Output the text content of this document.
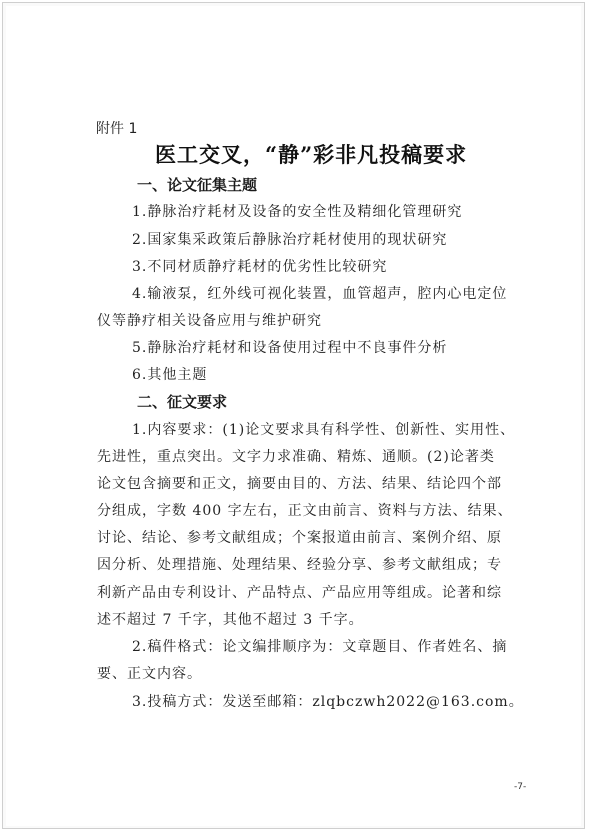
附件 1
医工交叉，“静”彩非凡投稿要求
一、论文征集主题
1.静脉治疗耗材及设备的安全性及精细化管理研究
2.国家集采政策后静脉治疗耗材使用的现状研究
3.不同材质静疗耗材的优劣性比较研究
4.输液泵，红外线可视化装置，血管超声，腔内心电定位
仪等静疗相关设备应用与维护研究
5.静脉治疗耗材和设备使用过程中不良事件分析
6.其他主题
二、征文要求
1.内容要求：(1)论文要求具有科学性、创新性、实用性、
先进性，重点突出。文字力求准确、精炼、通顺。(2)论著类
论文包含摘要和正文，摘要由目的、方法、结果、结论四个部
分组成，字数 400 字左右，正文由前言、资料与方法、结果、
讨论、结论、参考文献组成；个案报道由前言、案例介绍、原
因分析、处理措施、处理结果、经验分享、参考文献组成；专
利新产品由专利设计、产品特点、产品应用等组成。论著和综
述不超过 7 千字，其他不超过 3 千字。
2.稿件格式：论文编排顺序为：文章题目、作者姓名、摘
要、正文内容。
3.投稿方式：发送至邮箱：zlqbczwh2022@163.com。
-7-
